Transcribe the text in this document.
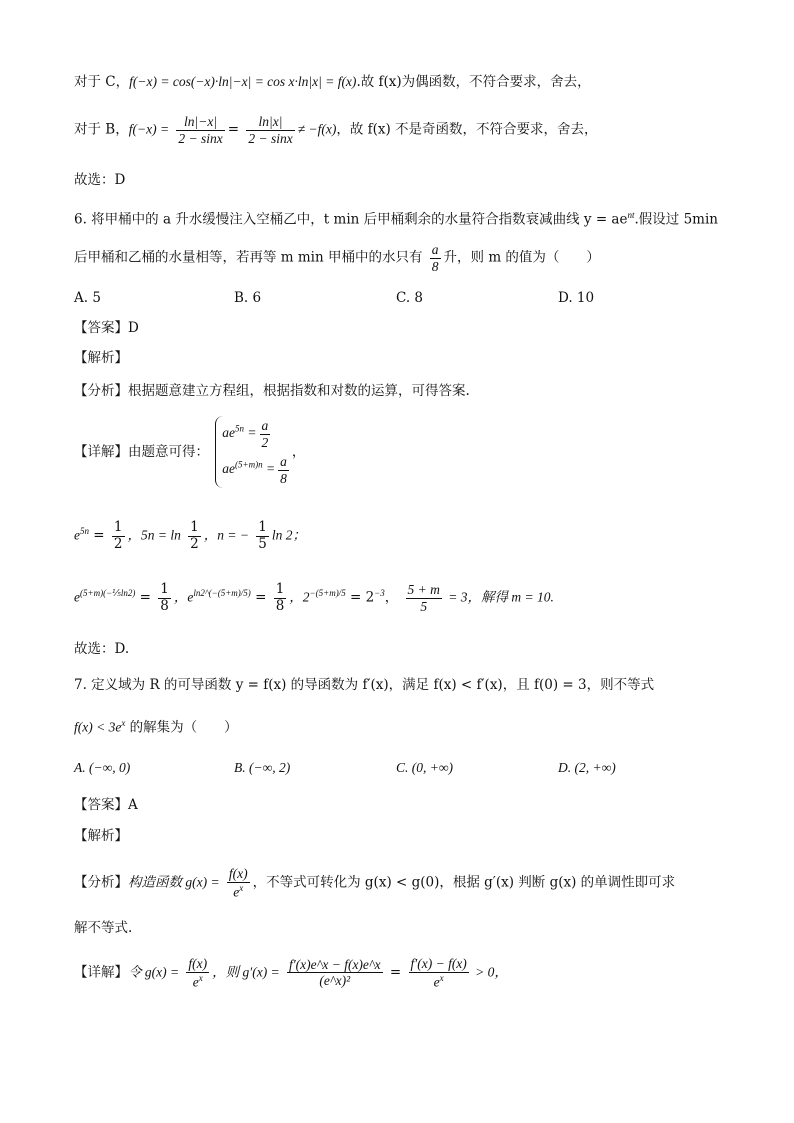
对于 C，f(−x) = cos(−x)·ln|−x| = cos x·ln|x| = f(x).故 f(x)为偶函数，不符合要求，舍去，
对于 B，$f(-x) = \frac{\ln|-x|}{2 - \sin x} = \frac{\ln|x|}{2 - \sin x} \ne -f(x)$，故 f(x) 不是奇函数，不符合要求，舍去，
故选：D
6. 将甲桶中的 a 升水缓慢注入空桶乙中，t min 后甲桶剩余的水量符合指数衰减曲线 $y = ae^{nt}$.假设过 5min
后甲桶和乙桶的水量相等，若再等 m min 甲桶中的水只有 $\frac{a}{8}$ 升，则 m 的值为（　　）
A. 5	B. 6	C. 8	D. 10
【答案】D
【解析】
【分析】根据题意建立方程组，根据指数和对数的运算，可得答案.
【详解】由题意可得：
$ae^{5n} = \frac{a}{2}$
$ae^{(5+m)n} = \frac{a}{8}$
，
$e^{5n} = \frac{1}{2}$ ，$5n = \ln \frac{1}{2}$ ，n = − $\frac{1}{5}$ ln 2；
$e^{(5+m)(-\frac{1}{5}ln2)} = \frac{1}{8}$ ，$e^{ln2\^{}(-(5+m)/5)} = \frac{1}{8}$ ，$2^{-(5+m)/5} = 2^{-3}$， $\frac{5 + m}{5} = 3$，解得 m = 10.
故选：D.
7. 定义域为 R 的可导函数 y = f(x) 的导函数为 f′(x)，满足 f(x) < f′(x)，且 f(0) = 3，则不等式
$f(x) < 3e^x$ 的解集为（　　）
A. (−∞, 0)	B. (−∞, 2)	C. (0, +∞)	D. (2, +∞)
【答案】A
【解析】
【分析】构造函数 $g(x) = \frac{f(x)}{e^x}$ ，不等式可转化为 g(x) < g(0)，根据 g′(x) 判断 g(x) 的单调性即可求
解不等式.
【详解】令 $g(x) = \frac{f(x)}{e^x}$ ，则 $g'(x) = \frac{f'(x)e\^{}x - f(x)e\^{}x}{\text{(e\textasciicircum{}x)²}} = \frac{f'(x) - f(x)}{e^x} > 0$，
